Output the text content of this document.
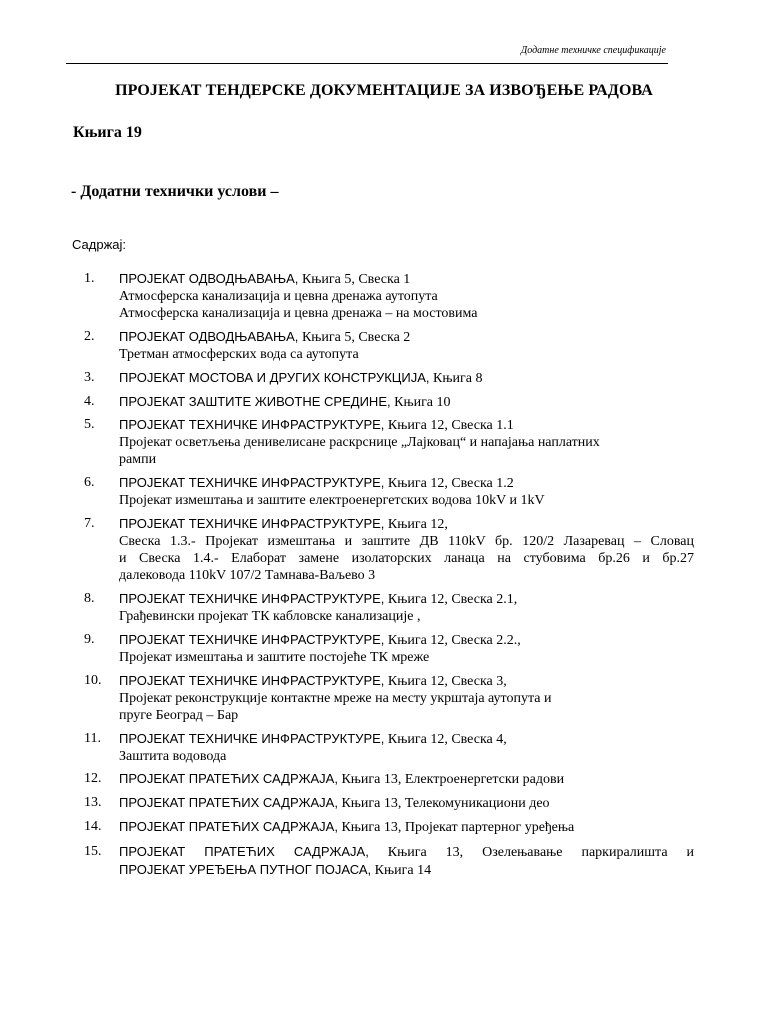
Додатне техничке спецификације
ПРОЈЕКАТ ТЕНДЕРСКЕ ДОКУМЕНТАЦИЈЕ ЗА ИЗВОЂЕЊЕ РАДОВА
Књига 19
- Додатни технички услови –
Садржај:
1. ПРОЈЕКАТ ОДВОДЊАВАЊА, Књига 5, Свеска 1
Атмосферска канализација и цевна дренажа аутопута
Атмосферска канализација и цевна дренажа – на мостовима
2. ПРОЈЕКАТ ОДВОДЊАВАЊА, Књига 5, Свеска 2
Третман атмосферских вода са аутопута
3. ПРОЈЕКАТ МОСТОВА И ДРУГИХ КОНСТРУКЦИЈА, Књига 8
4. ПРОЈЕКАТ ЗАШТИТЕ ЖИВОТНЕ СРЕДИНЕ, Књига 10
5. ПРОЈЕКАТ ТЕХНИЧКЕ ИНФРАСТРУКТУРЕ, Књига 12, Свеска 1.1
Пројекат осветљења денивелисане раскрснице „Лајковац“ и напајања наплатних
рампи
6. ПРОЈЕКАТ ТЕХНИЧКЕ ИНФРАСТРУКТУРЕ, Књига 12, Свеска 1.2
Пројекат измештања и заштите електроенергетских водова 10kV и 1kV
7. ПРОЈЕКАТ ТЕХНИЧКЕ ИНФРАСТРУКТУРЕ, Књига 12,
Свеска 1.3.- Пројекат измештања и заштите ДВ 110kV бр. 120/2 Лазаревац – Словац
и Свеска 1.4.- Елаборат замене изолаторских ланаца на стубовима бр.26 и бр.27
далековода 110kV 107/2 Тамнава-Ваљево 3
8. ПРОЈЕКАТ ТЕХНИЧКЕ ИНФРАСТРУКТУРЕ, Књига 12, Свеска 2.1,
Грађевински пројекат ТК кабловске канализације ,
9. ПРОЈЕКАТ ТЕХНИЧКЕ ИНФРАСТРУКТУРЕ, Књига 12, Свеска 2.2.,
Пројекат измештања и заштите постојеће ТК мреже
10. ПРОЈЕКАТ ТЕХНИЧКЕ ИНФРАСТРУКТУРЕ, Књига 12, Свеска 3,
Пројекат реконструкције контактне мреже на месту укрштаја аутопута и
пруге Београд – Бар
11. ПРОЈЕКАТ ТЕХНИЧКЕ ИНФРАСТРУКТУРЕ, Књига 12, Свеска 4,
Заштита водовода
12. ПРОЈЕКАТ ПРАТЕЋИХ САДРЖАЈА, Књига 13, Електроенергетски радови
13. ПРОЈЕКАТ ПРАТЕЋИХ САДРЖАЈА, Књига 13, Телекомуникациони део
14. ПРОЈЕКАТ ПРАТЕЋИХ САДРЖАЈА, Књига 13, Пројекат партерног уређења
15. ПРОЈЕКАТ ПРАТЕЋИХ САДРЖАЈА, Књига 13, Озелењавање паркиралишта и
ПРОЈЕКАТ УРЕЂЕЊА ПУТНОГ ПОЈАСА, Књига 14
